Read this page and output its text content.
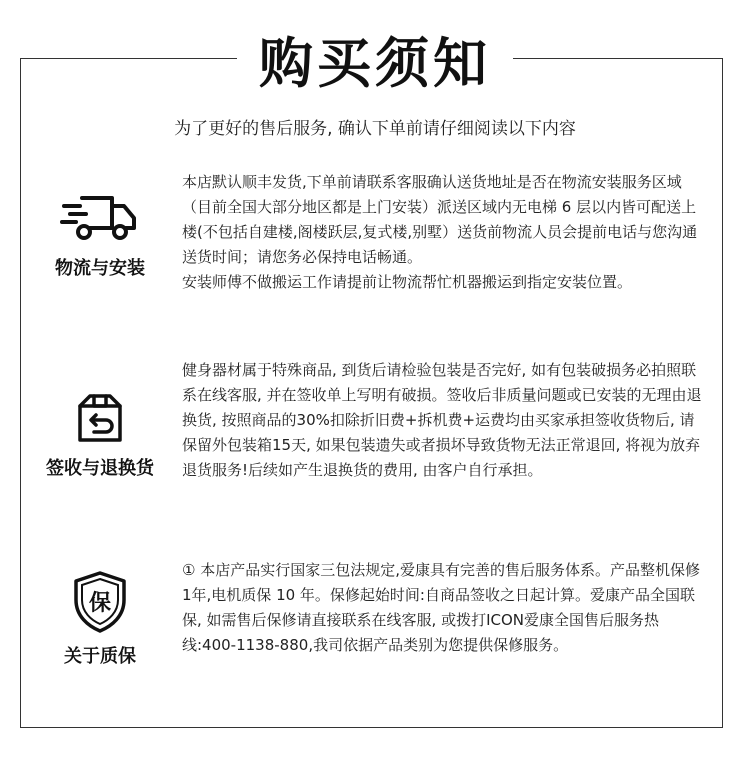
购买须知
为了更好的售后服务, 确认下单前请仔细阅读以下内容
物流与安装

本店默认顺丰发货,下单前请联系客服确认送货地址是否在物流安装服务区域（目前全国大部分地区都是上门安装）派送区域内无电梯 6 层以内皆可配送上楼(不包括自建楼,阁楼跃层,复式楼,别墅）送货前物流人员会提前电话与您沟通送货时间；请您务必保持电话畅通。

安装师傅不做搬运工作请提前让物流帮忙机器搬运到指定安装位置。

签收与退换货

健身器材属于特殊商品, 到货后请检验包装是否完好, 如有包装破损务必拍照联系在线客服, 并在签收单上写明有破损。签收后非质量问题或已安装的无理由退换货, 按照商品的30%扣除折旧费+拆机费+运费均由买家承担签收货物后, 请保留外包装箱15天, 如果包装遗失或者损坏导致货物无法正常退回, 将视为放弃退货服务!后续如产生退换货的费用, 由客户自行承担。

保
关于质保

① 本店产品实行国家三包法规定,爱康具有完善的售后服务体系。产品整机保修1年,电机质保 10 年。保修起始时间:自商品签收之日起计算。爱康产品全国联保, 如需售后保修请直接联系在线客服, 或拨打ICON爱康全国售后服务热线:400-1138-880,我司依据产品类别为您提供保修服务。
